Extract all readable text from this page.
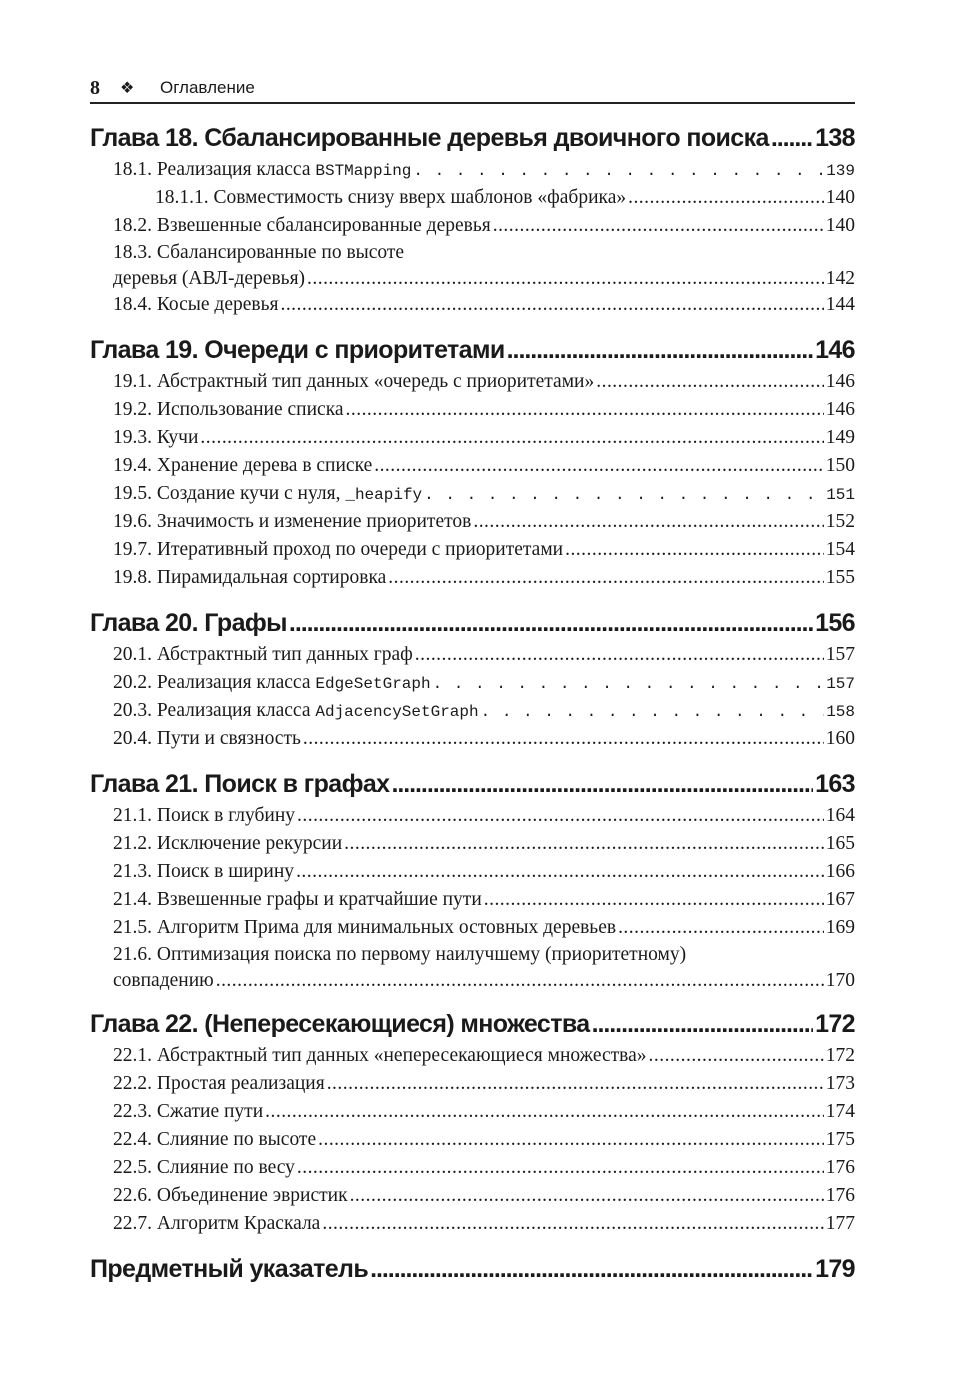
8	❖	Оглавление
Глава 18. Сбалансированные деревья двоичного поиска . . . 138
18.1. Реализация класса BSTMapping . . .	139
18.1.1. Совместимость снизу вверх шаблонов «фабрика» . . .	140
18.2. Взвешенные сбалансированные деревья . . .	140
18.3. Сбалансированные по высоте
деревья (АВЛ-деревья) . . .	142
18.4. Косые деревья . . .	144
Глава 19. Очереди с приоритетами . . .	146
19.1. Абстрактный тип данных «очередь с приоритетами» . . .	146
19.2. Использование списка . . .	146
19.3. Кучи . . .	149
19.4. Хранение дерева в списке . . .	150
19.5. Создание кучи с нуля, _heapify . . .	151
19.6. Значимость и изменение приоритетов . . .	152
19.7. Итеративный проход по очереди с приоритетами . . .	154
19.8. Пирамидальная сортировка . . .	155
Глава 20. Графы . . .	156
20.1. Абстрактный тип данных граф . . .	157
20.2. Реализация класса EdgeSetGraph . . .	157
20.3. Реализация класса AdjacencySetGraph . . .	158
20.4. Пути и связность . . .	160
Глава 21. Поиск в графах . . .	163
21.1. Поиск в глубину . . .	164
21.2. Исключение рекурсии . . .	165
21.3. Поиск в ширину . . .	166
21.4. Взвешенные графы и кратчайшие пути . . .	167
21.5. Алгоритм Прима для минимальных остовных деревьев . . .	169
21.6. Оптимизация поиска по первому наилучшему (приоритетному)
совпадению . . .	170
Глава 22. (Непересекающиеся) множества . . .	172
22.1. Абстрактный тип данных «непересекающиеся множества» . . .	172
22.2. Простая реализация . . .	173
22.3. Сжатие пути . . .	174
22.4. Слияние по высоте . . .	175
22.5. Слияние по весу . . .	176
22.6. Объединение эвристик . . .	176
22.7. Алгоритм Краскала . . .	177
Предметный указатель . . .	179
